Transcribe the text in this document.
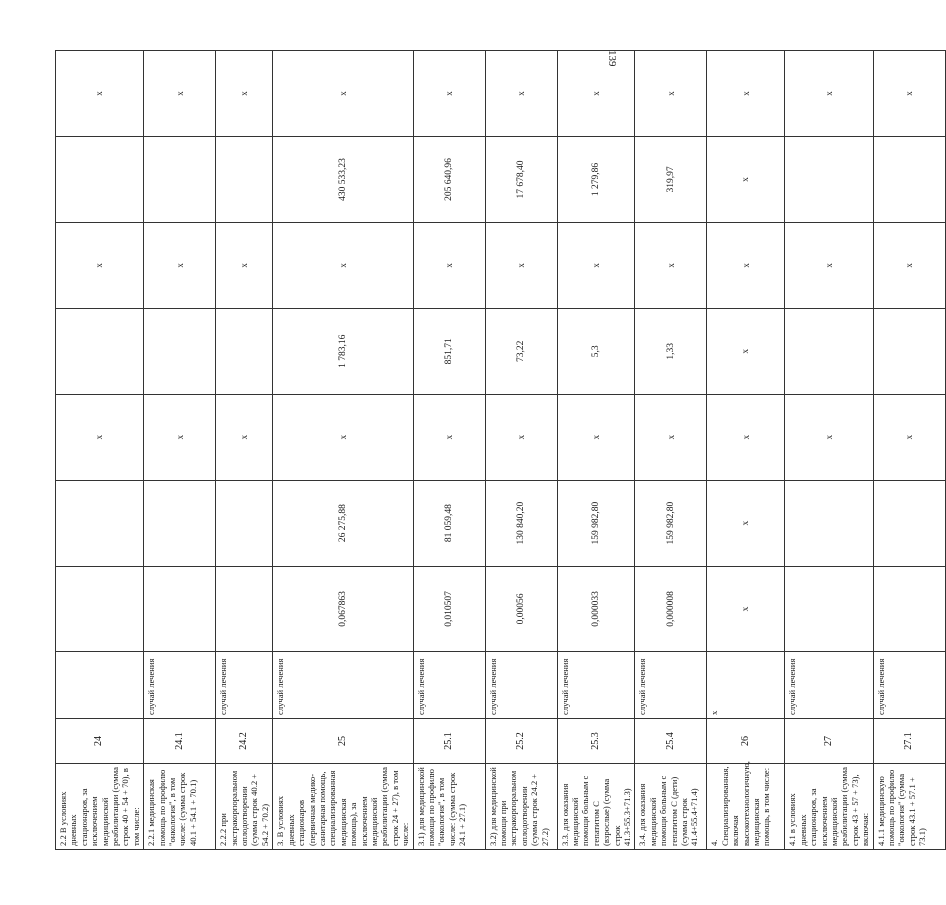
139
2.2 В условиях дневных стационаров, за исключением медицинской реабилитации (сумма строк 40 + 54 + 70), в том числе:	24				х		х		х
2.2.1 медицинская помощь по профилю "онкология", в том числе: (сумма строк 40.1 + 54.1 + 70.1)	24.1	случай лечения			х		х		х
2.2.2 при экстракорпоральном оплодотворении (сумма строк 40.2 + 54.2 + 70.2)	24.2	случай лечения			х		х		х
3. В условиях дневных стационаров (первичная медико-санитарная помощь, специализированная медицинская помощь), за исключением медицинской реабилитации (сумма строк 24 + 27), в том числе:	25	случай лечения	0,067863	26 275,88	х	1 783,16	х	430 533,23	х
3.1) для медицинской помощи по профилю "онкология", в том числе: (сумма строк 24.1 + 27.1)	25.1	случай лечения	0,010507	81 059,48	х	851,71	х	205 640,96	х
3.2) для медицинской помощи при экстракорпоральном оплодотворении (сумма строк 24.2 + 27.2)	25.2	случай лечения	0,00056	130 840,20	х	73,22	х	17 678,40	х
3.3. для оказания медицинской помощи больным с гепатитом С (взрослые) (сумма строк 41.3+55.3+71.3)	25.3	случай лечения	0,000033	159 982,80	х	5,3	х	1 279,86	х
3.4. для оказания медицинской помощи больным с гепатитом С (дети) (сумма строк 41.4+55.4+71.4)	25.4	случай лечения	0,000008	159 982,80	х	1,33	х	319,97	х
4. Специализированная, включая высокотехнологичную, медицинская помощь, в том числе:	26	х	х	х	х	х	х	х	х
4.1 в условиях дневных стационаров, за исключением медицинской реабилитации (сумма строк 43 + 57 + 73), включая:	27	случай лечения			х		х		х
4.1.1 медицинскую помощь по профилю "онкология" (сумма строк 43.1 + 57.1 + 73.1)	27.1	случай лечения			х		х		х
